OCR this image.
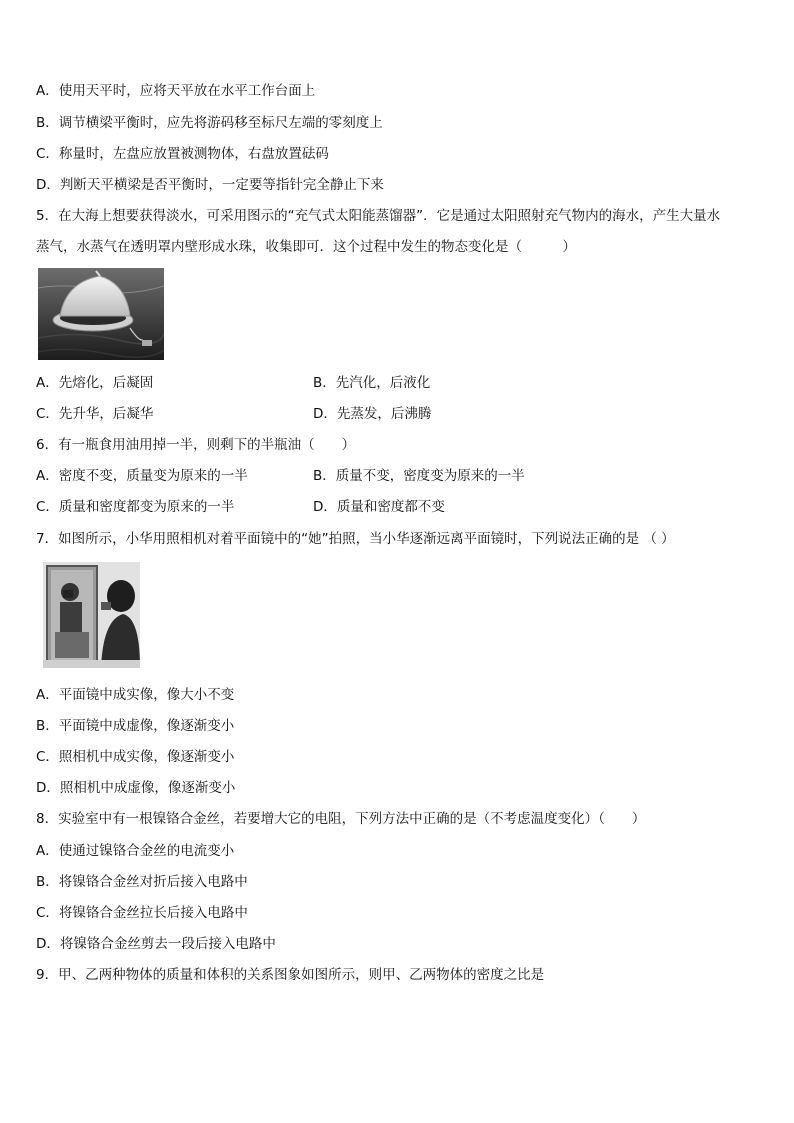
A．使用天平时，应将天平放在水平工作台面上
B．调节横梁平衡时，应先将游码移至标尺左端的零刻度上
C．称量时，左盘应放置被测物体，右盘放置砝码
D．判断天平横梁是否平衡时，一定要等指针完全静止下来
5．在大海上想要获得淡水，可采用图示的“充气式太阳能蒸馏器”．它是通过太阳照射充气物内的海水，产生大量水
蒸气，水蒸气在透明罩内壁形成水珠，收集即可．这个过程中发生的物态变化是（　　　）
A．先熔化，后凝固	B．先汽化，后液化
C．先升华，后凝华	D．先蒸发，后沸腾
6．有一瓶食用油用掉一半，则剩下的半瓶油（　　）
A．密度不变，质量变为原来的一半	B．质量不变，密度变为原来的一半
C．质量和密度都变为原来的一半	D．质量和密度都不变
7．如图所示，小华用照相机对着平面镜中的“她”拍照，当小华逐渐远离平面镜时，下列说法正确的是 （ ）
A．平面镜中成实像，像大小不变
B．平面镜中成虚像，像逐渐变小
C．照相机中成实像，像逐渐变小
D．照相机中成虚像，像逐渐变小
8．实验室中有一根镍铬合金丝，若要增大它的电阻，下列方法中正确的是（不考虑温度变化）（　　）
A．使通过镍铬合金丝的电流变小
B．将镍铬合金丝对折后接入电路中
C．将镍铬合金丝拉长后接入电路中
D．将镍铬合金丝剪去一段后接入电路中
9．甲、乙两种物体的质量和体积的关系图象如图所示，则甲、乙两物体的密度之比是
